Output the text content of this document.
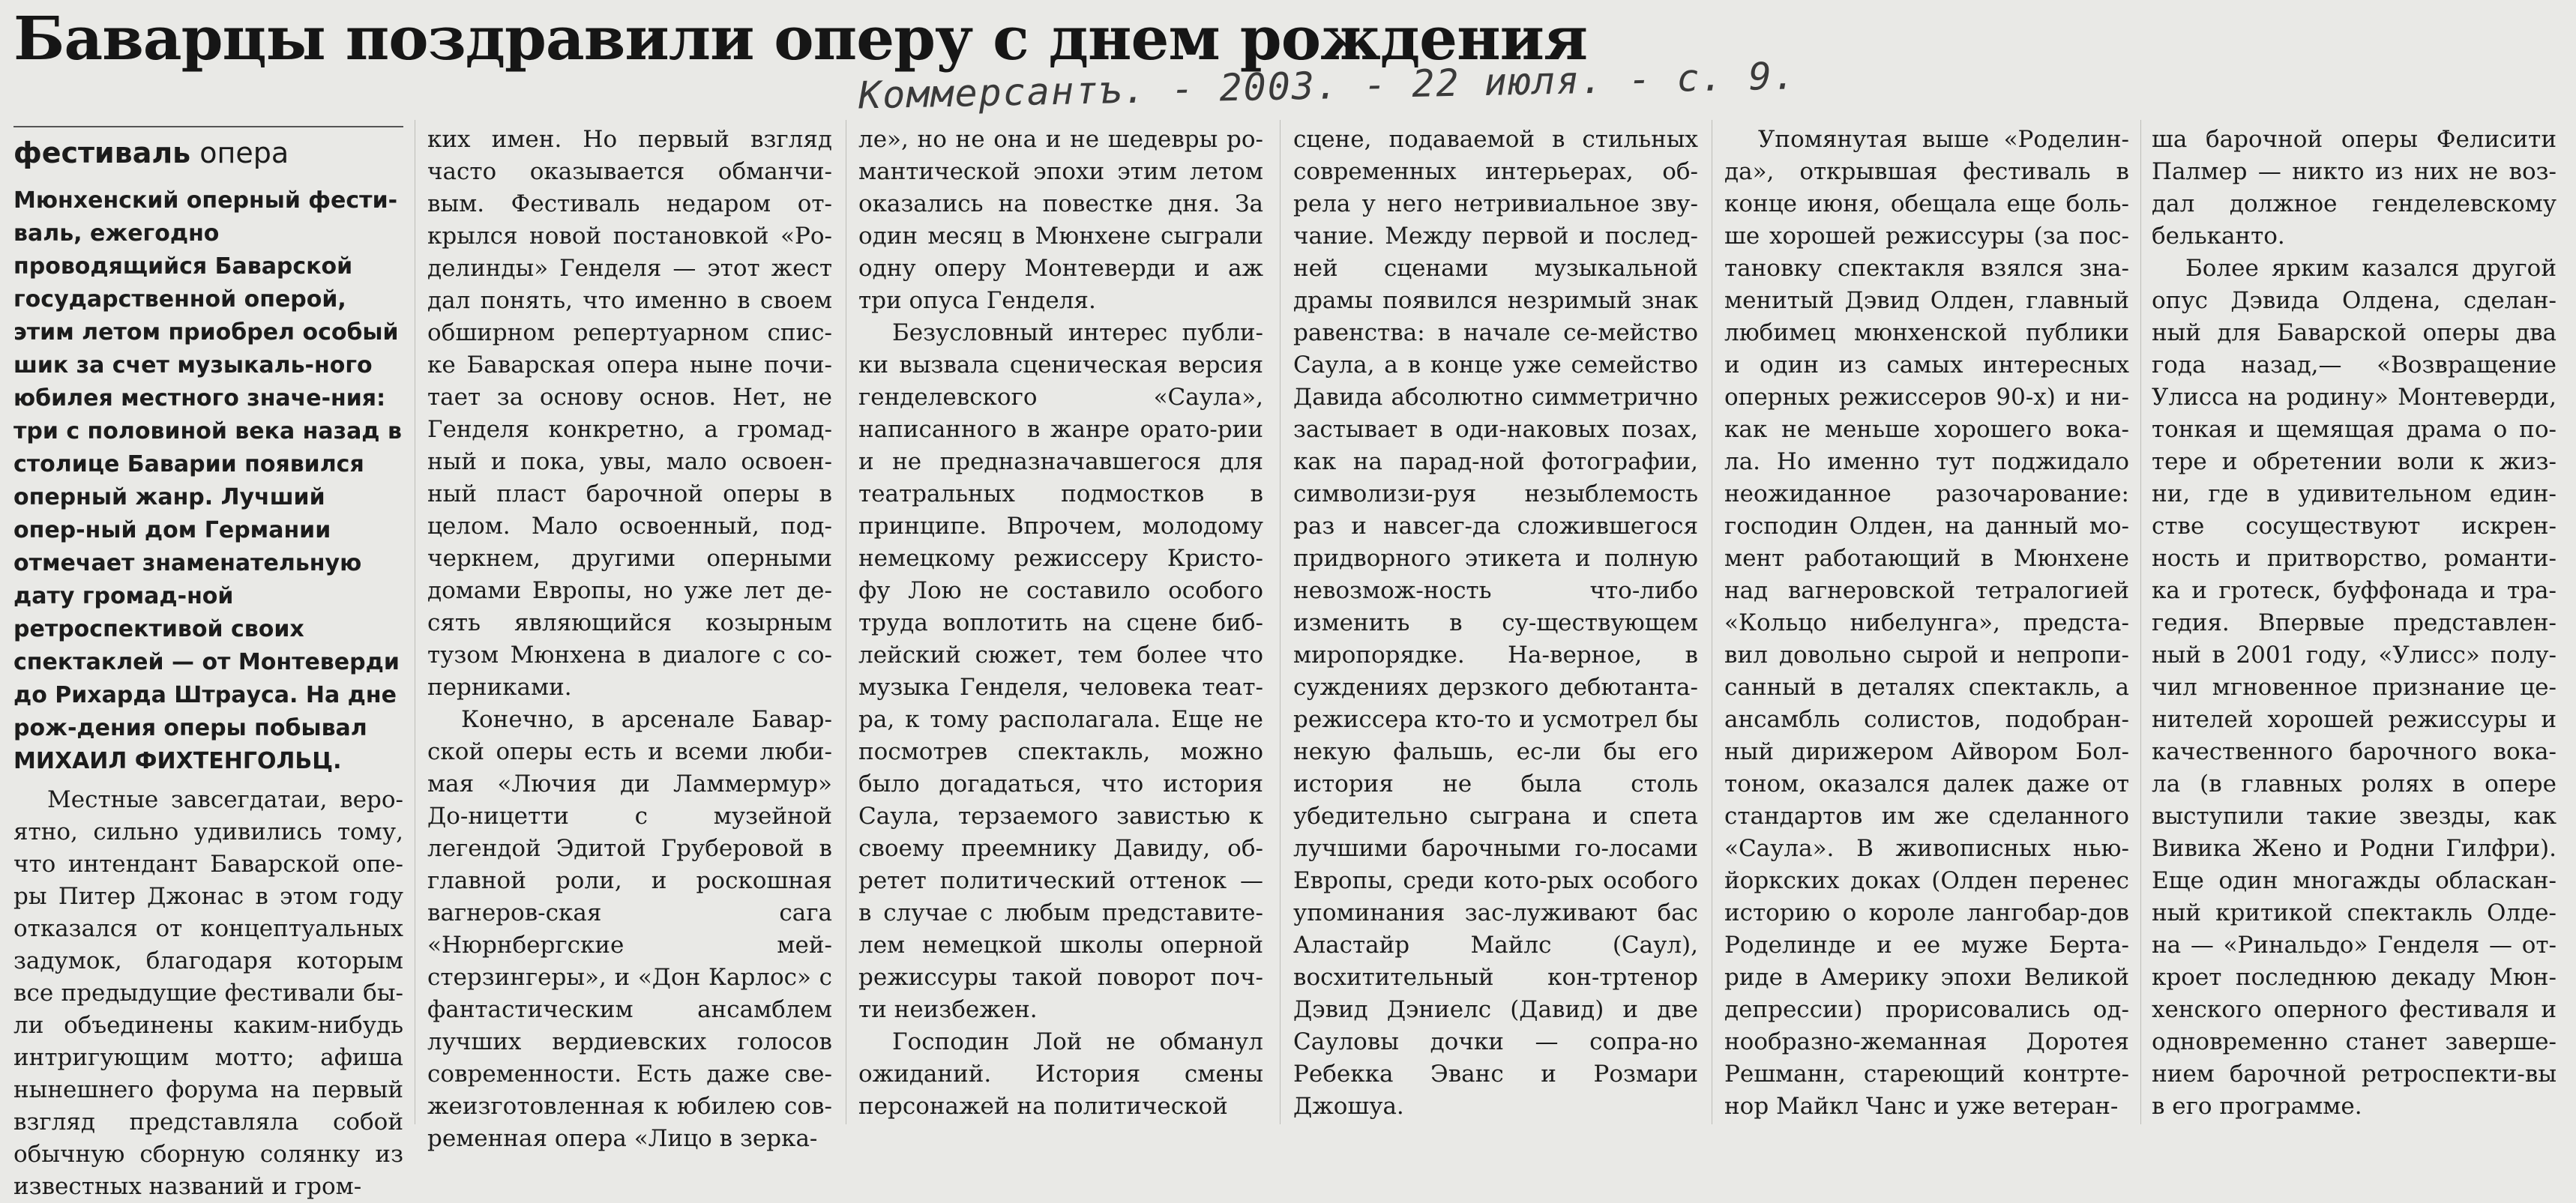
Баварцы поздравили оперу с днем рождения
Коммерсантъ. - 2003. - 22 июля. - с. 9.
фестиваль опера
Мюнхенский оперный фести-валь, ежегодно проводящийся Баварской государственной оперой, этим летом приобрел особый шик за счет музыкаль-ного юбилея местного значе-ния: три с половиной века назад в столице Баварии появился оперный жанр. Лучший опер-ный дом Германии отмечает знаменательную дату громад-ной ретроспективой своих спектаклей — от Монтеверди до Рихарда Штрауса. На дне рож-дения оперы побывал МИХАИЛ ФИХТЕНГОЛЬЦ.

Местные завсегдатаи, веро-ятно, сильно удивились тому, что интендант Баварской опе-ры Питер Джонас в этом году отказался от концептуальных задумок, благодаря которым все предыдущие фестивали бы-ли объединены каким-нибудь интригующим мотто; афиша нынешнего форума на первый взгляд представляла собой обычную сборную солянку из известных названий и гром-

ких имен. Но первый взгляд часто оказывается обманчи-вым. Фестиваль недаром от-крылся новой постановкой «Ро-делинды» Генделя — этот жест дал понять, что именно в своем обширном репертуарном спис-ке Баварская опера ныне почи-тает за основу основ. Нет, не Генделя конкретно, а громад-ный и пока, увы, мало освоен-ный пласт барочной оперы в целом. Мало освоенный, под-черкнем, другими оперными домами Европы, но уже лет де-сять являющийся козырным тузом Мюнхена в диалоге с со-перниками.

Конечно, в арсенале Бавар-ской оперы есть и всеми люби-мая «Лючия ди Ламмермур» До-ницетти с музейной легендой Эдитой Груберовой в главной роли, и роскошная вагнеров-ская сага «Нюрнбергские мей-стерзингеры», и «Дон Карлос» с фантастическим ансамблем лучших вердиевских голосов современности. Есть даже све-жеизготовленная к юбилею сов-ременная опера «Лицо в зерка-

ле», но не она и не шедевры ро-мантической эпохи этим летом оказались на повестке дня. За один месяц в Мюнхене сыграли одну оперу Монтеверди и аж три опуса Генделя.

Безусловный интерес публи-ки вызвала сценическая версия генделевского «Саула», написанного в жанре орато-рии и не предназначавшегося для театральных подмостков в принципе. Впрочем, молодому немецкому режиссеру Кристо-фу Лою не составило особого труда воплотить на сцене биб-лейский сюжет, тем более что музыка Генделя, человека теат-ра, к тому располагала. Еще не посмотрев спектакль, можно было догадаться, что история Саула, терзаемого завистью к своему преемнику Давиду, об-ретет политический оттенок — в случае с любым представите-лем немецкой школы оперной режиссуры такой поворот поч-ти неизбежен.

Господин Лой не обманул ожиданий. История смены персонажей на политической

сцене, подаваемой в стильных современных интерьерах, об-рела у него нетривиальное зву-чание. Между первой и послед-ней сценами музыкальной драмы появился незримый знак равенства: в начале се-мейство Саула, а в конце уже семейство Давида абсолютно симметрично застывает в оди-наковых позах, как на парад-ной фотографии, символизи-руя незыблемость раз и навсег-да сложившегося придворного этикета и полную невозмож-ность что-либо изменить в су-ществующем миропорядке. На-верное, в суждениях дерзкого дебютанта-режиссера кто-то и усмотрел бы некую фальшь, ес-ли бы его история не была столь убедительно сыграна и спета лучшими барочными го-лосами Европы, среди кото-рых особого упоминания зас-луживают бас Аластайр Майлс (Саул), восхитительный кон-тртенор Дэвид Дэниелс (Давид) и две Сауловы дочки — сопра-но Ребекка Эванс и Розмари Джошуа.

Упомянутая выше «Роделин-да», открывшая фестиваль в конце июня, обещала еще боль-ше хорошей режиссуры (за пос-тановку спектакля взялся зна-менитый Дэвид Олден, главный любимец мюнхенской публики и один из самых интересных оперных режиссеров 90-х) и ни-как не меньше хорошего вока-ла. Но именно тут поджидало неожиданное разочарование: господин Олден, на данный мо-мент работающий в Мюнхене над вагнеровской тетралогией «Кольцо нибелунга», предста-вил довольно сырой и непропи-санный в деталях спектакль, а ансамбль солистов, подобран-ный дирижером Айвором Бол-тоном, оказался далек даже от стандартов им же сделанного «Саула». В живописных нью-йоркских доках (Олден перенес историю о короле лангобар-дов Роделинде и ее муже Берта-риде в Америку эпохи Великой депрессии) прорисовались од-нообразно-жеманная Доротея Решманн, стареющий контрте-нор Майкл Чанс и уже ветеран-

ша барочной оперы Фелисити Палмер — никто из них не воз-дал должное генделевскому бельканто.

Более ярким казался другой опус Дэвида Олдена, сделан-ный для Баварской оперы два года назад,— «Возвращение Улисса на родину» Монтеверди, тонкая и щемящая драма о по-тере и обретении воли к жиз-ни, где в удивительном един-стве сосуществуют искрен-ность и притворство, романти-ка и гротеск, буффонада и тра-гедия. Впервые представлен-ный в 2001 году, «Улисс» полу-чил мгновенное признание це-нителей хорошей режиссуры и качественного барочного вока-ла (в главных ролях в опере выступили такие звезды, как Вивика Жено и Родни Гилфри). Еще один многажды обласкан-ный критикой спектакль Олде-на — «Ринальдо» Генделя — от-кроет последнюю декаду Мюн-хенского оперного фестиваля и одновременно станет заверше-нием барочной ретроспекти-вы в его программе.
